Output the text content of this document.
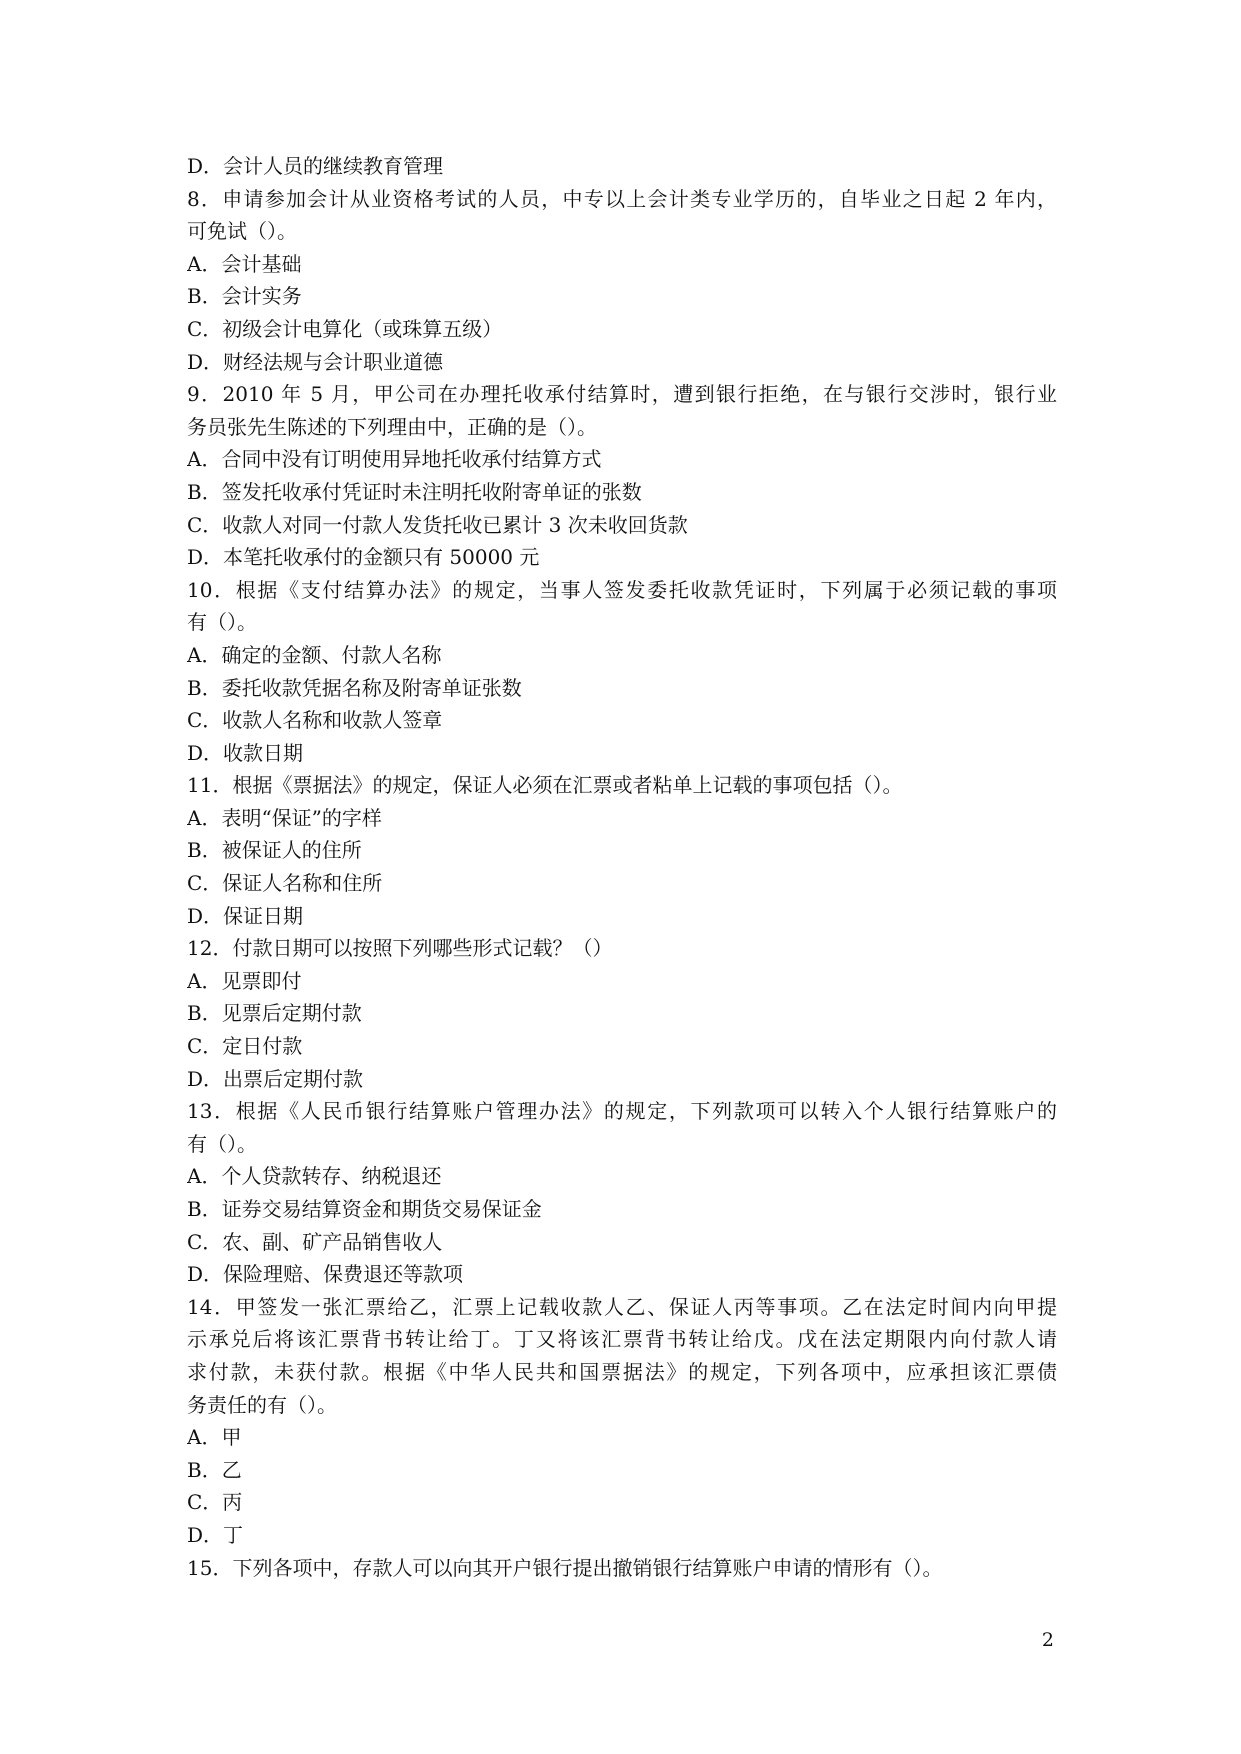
D．会计人员的继续教育管理
8．申请参加会计从业资格考试的人员，中专以上会计类专业学历的，自毕业之日起 2 年内，
可免试（）。
A．会计基础
B．会计实务
C．初级会计电算化（或珠算五级）
D．财经法规与会计职业道德
9．2010 年 5 月，甲公司在办理托收承付结算时，遭到银行拒绝，在与银行交涉时，银行业
务员张先生陈述的下列理由中，正确的是（）。
A．合同中没有订明使用异地托收承付结算方式
B．签发托收承付凭证时未注明托收附寄单证的张数
C．收款人对同一付款人发货托收已累计 3 次未收回货款
D．本笔托收承付的金额只有 50000 元
10．根据《支付结算办法》的规定，当事人签发委托收款凭证时，下列属于必须记载的事项
有（）。
A．确定的金额、付款人名称
B．委托收款凭据名称及附寄单证张数
C．收款人名称和收款人签章
D．收款日期
11．根据《票据法》的规定，保证人必须在汇票或者粘单上记载的事项包括（）。
A．表明“保证”的字样
B．被保证人的住所
C．保证人名称和住所
D．保证日期
12．付款日期可以按照下列哪些形式记载？（）
A．见票即付
B．见票后定期付款
C．定日付款
D．出票后定期付款
13．根据《人民币银行结算账户管理办法》的规定，下列款项可以转入个人银行结算账户的
有（）。
A．个人贷款转存、纳税退还
B．证券交易结算资金和期货交易保证金
C．农、副、矿产品销售收人
D．保险理赔、保费退还等款项
14．甲签发一张汇票给乙，汇票上记载收款人乙、保证人丙等事项。乙在法定时间内向甲提
示承兑后将该汇票背书转让给丁。丁又将该汇票背书转让给戊。戊在法定期限内向付款人请
求付款，未获付款。根据《中华人民共和国票据法》的规定，下列各项中，应承担该汇票债
务责任的有（）。
A．甲
B．乙
C．丙
D．丁
15．下列各项中，存款人可以向其开户银行提出撤销银行结算账户申请的情形有（）。
2
